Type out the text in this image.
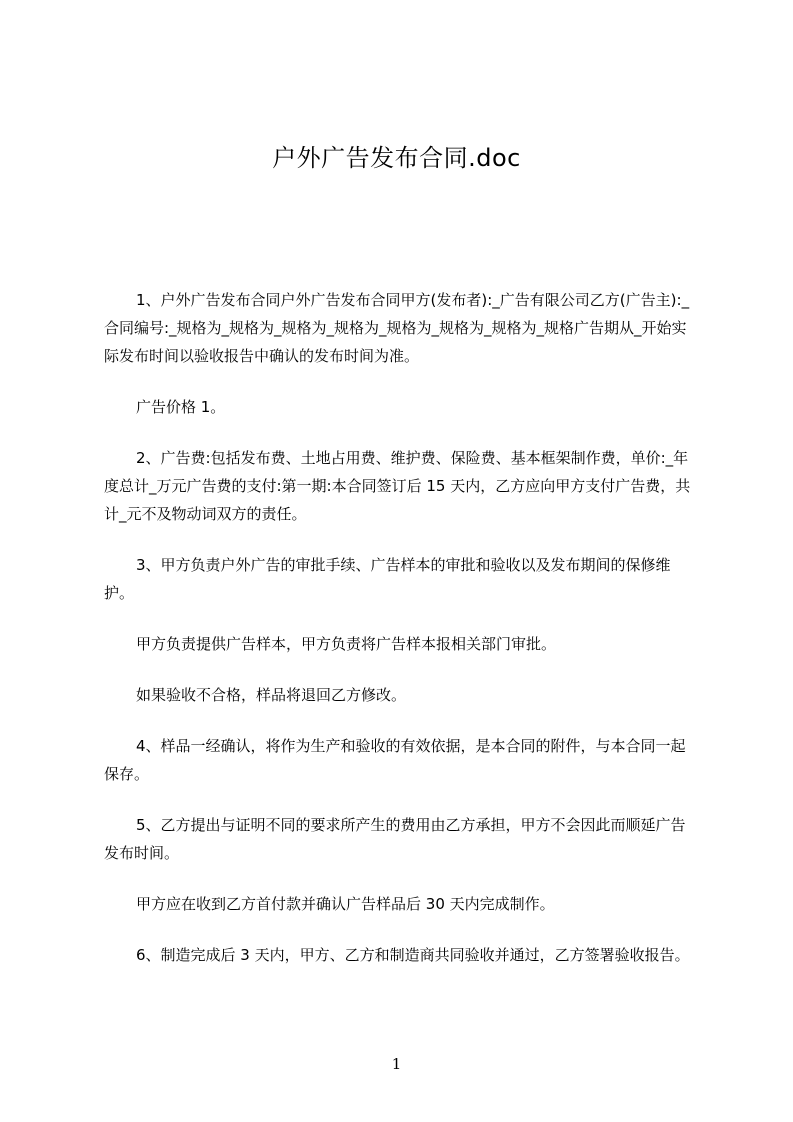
户外广告发布合同.doc

1、户外广告发布合同户外广告发布合同甲方(发布者):_广告有限公司乙方(广告主):_合同编号:_规格为_规格为_规格为_规格为_规格为_规格为_规格为_规格广告期从_开始实际发布时间以验收报告中确认的发布时间为准。

广告价格 1。

2、广告费:包括发布费、土地占用费、维护费、保险费、基本框架制作费，单价:_年度总计_万元广告费的支付:第一期:本合同签订后 15 天内，乙方应向甲方支付广告费，共计_元不及物动词双方的责任。

3、甲方负责户外广告的审批手续、广告样本的审批和验收以及发布期间的保修维护。

甲方负责提供广告样本，甲方负责将广告样本报相关部门审批。

如果验收不合格，样品将退回乙方修改。

4、样品一经确认，将作为生产和验收的有效依据，是本合同的附件，与本合同一起保存。

5、乙方提出与证明不同的要求所产生的费用由乙方承担，甲方不会因此而顺延广告发布时间。

甲方应在收到乙方首付款并确认广告样品后 30 天内完成制作。

6、制造完成后 3 天内，甲方、乙方和制造商共同验收并通过，乙方签署验收报告。

1
